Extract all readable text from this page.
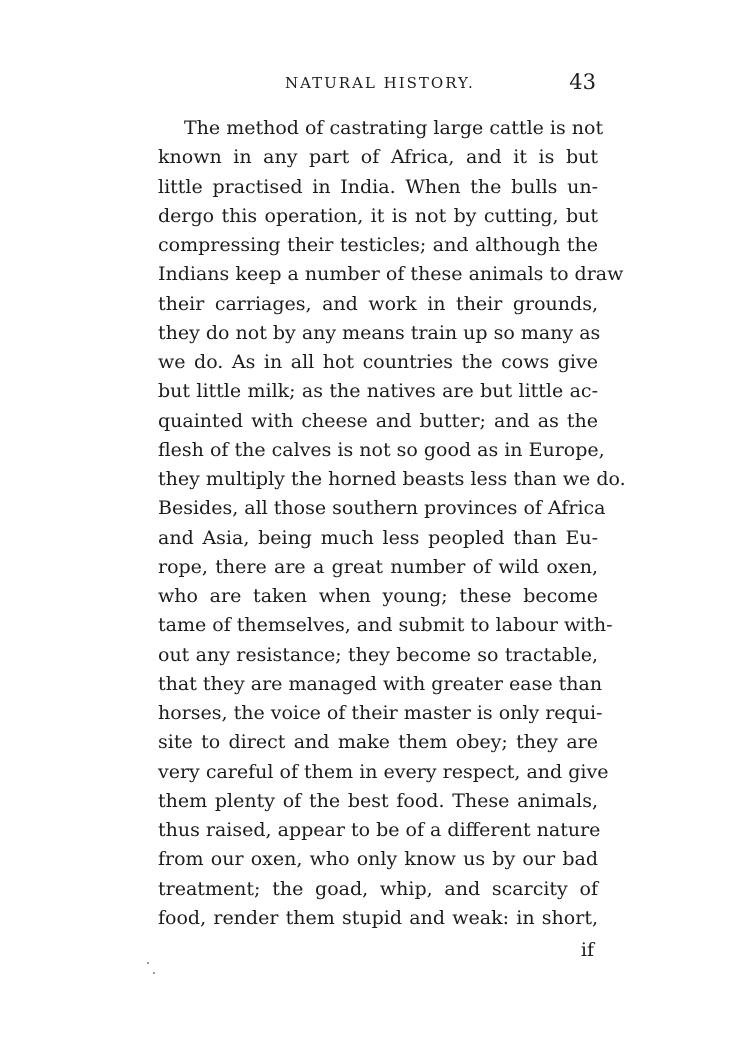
NATURAL HISTORY.	43
The method of castrating large cattle is not
known in any part of Africa, and it is but
little practised in India. When the bulls un-
dergo this operation, it is not by cutting, but
compressing their testicles; and although the
Indians keep a number of these animals to draw
their carriages, and work in their grounds,
they do not by any means train up so many as
we do. As in all hot countries the cows give
but little milk; as the natives are but little ac-
quainted with cheese and butter; and as the
flesh of the calves is not so good as in Europe,
they multiply the horned beasts less than we do.
Besides, all those southern provinces of Africa
and Asia, being much less peopled than Eu-
rope, there are a great number of wild oxen,
who are taken when young; these become
tame of themselves, and submit to labour with-
out any resistance; they become so tractable,
that they are managed with greater ease than
horses, the voice of their master is only requi-
site to direct and make them obey; they are
very careful of them in every respect, and give
them plenty of the best food. These animals,
thus raised, appear to be of a different nature
from our oxen, who only know us by our bad
treatment; the goad, whip, and scarcity of
food, render them stupid and weak: in short,
if
